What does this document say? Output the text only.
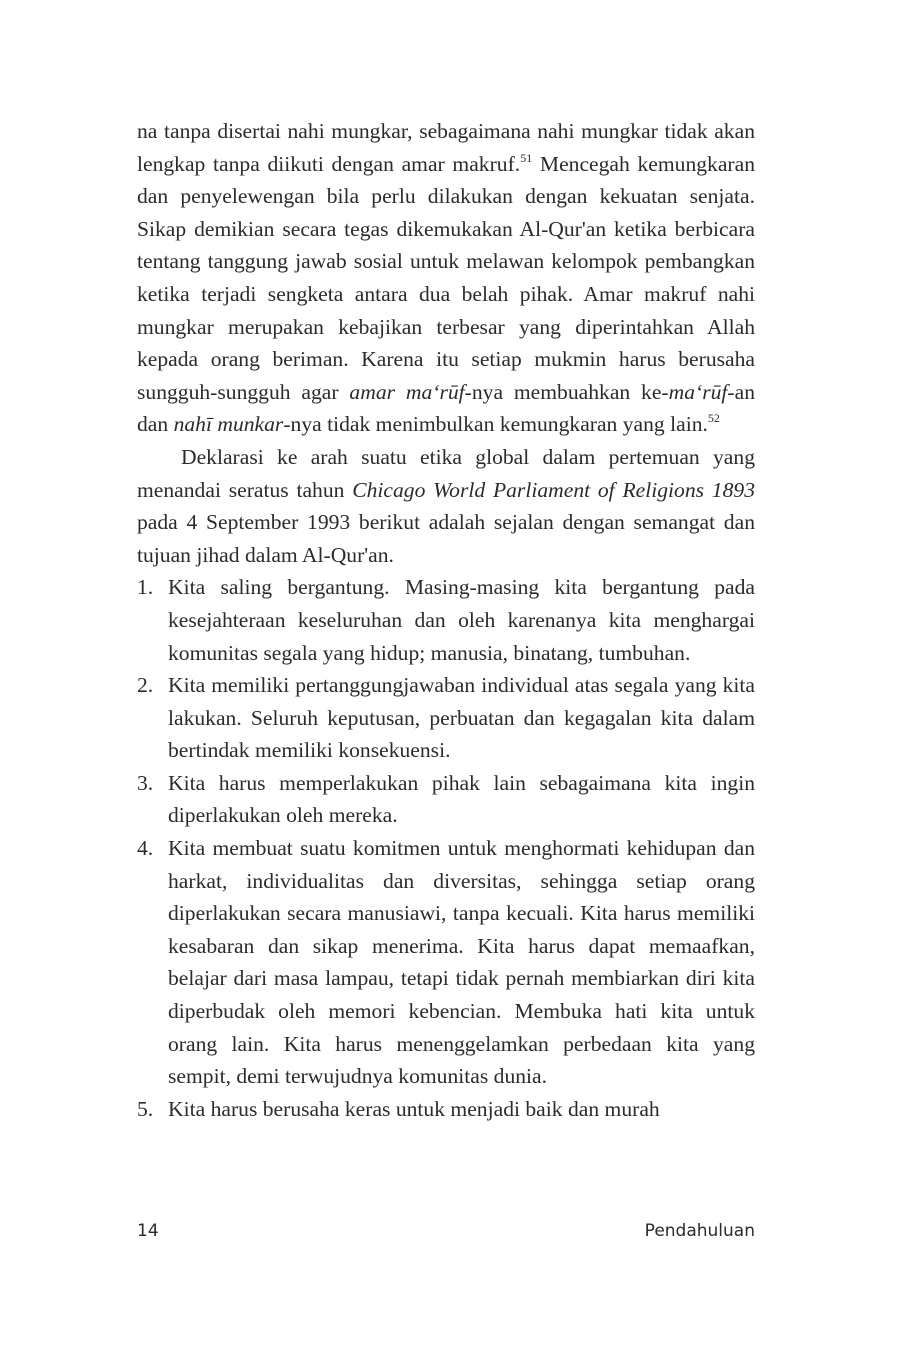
na tanpa disertai nahi mungkar, sebagaimana nahi mungkar tidak akan lengkap tanpa diikuti dengan amar makruf.$^{51}$ Mencegah kemungkaran dan penyelewengan bila perlu dilakukan dengan kekuatan senjata. Sikap demikian secara tegas dikemukakan Al-Qur'an ketika berbicara tentang tanggung jawab sosial untuk melawan kelompok pembangkan ketika terjadi sengketa antara dua belah pihak. Amar makruf nahi mungkar merupakan kebajikan terbesar yang diperintahkan Allah kepada orang beriman. Karena itu setiap mukmin harus berusaha sungguh-sungguh agar amar ma‘rūf-nya membuahkan ke-ma‘rūf-an dan nahī munkar-nya tidak menimbulkan kemungkaran yang lain.$^{52}$

Deklarasi ke arah suatu etika global dalam pertemuan yang menandai seratus tahun Chicago World Parliament of Religions 1893 pada 4 September 1993 berikut adalah sejalan dengan semangat dan tujuan jihad dalam Al-Qur'an.

1. Kita saling bergantung. Masing-masing kita bergantung pada kesejahteraan keseluruhan dan oleh karenanya kita menghargai komunitas segala yang hidup; manusia, binatang, tumbuhan.
2. Kita memiliki pertanggungjawaban individual atas segala yang kita lakukan. Seluruh keputusan, perbuatan dan kegagalan kita dalam bertindak memiliki konsekuensi.
3. Kita harus memperlakukan pihak lain sebagaimana kita ingin diperlakukan oleh mereka.
4. Kita membuat suatu komitmen untuk menghormati kehidupan dan harkat, individualitas dan diversitas, sehingga setiap orang diperlakukan secara manusiawi, tanpa kecuali. Kita harus memiliki kesabaran dan sikap menerima. Kita harus dapat memaafkan, belajar dari masa lampau, tetapi tidak pernah membiarkan diri kita diperbudak oleh memori kebencian. Membuka hati kita untuk orang lain. Kita harus menenggelamkan perbedaan kita yang sempit, demi terwujudnya komunitas dunia.
5. Kita harus berusaha keras untuk menjadi baik dan murah
14	Pendahuluan
